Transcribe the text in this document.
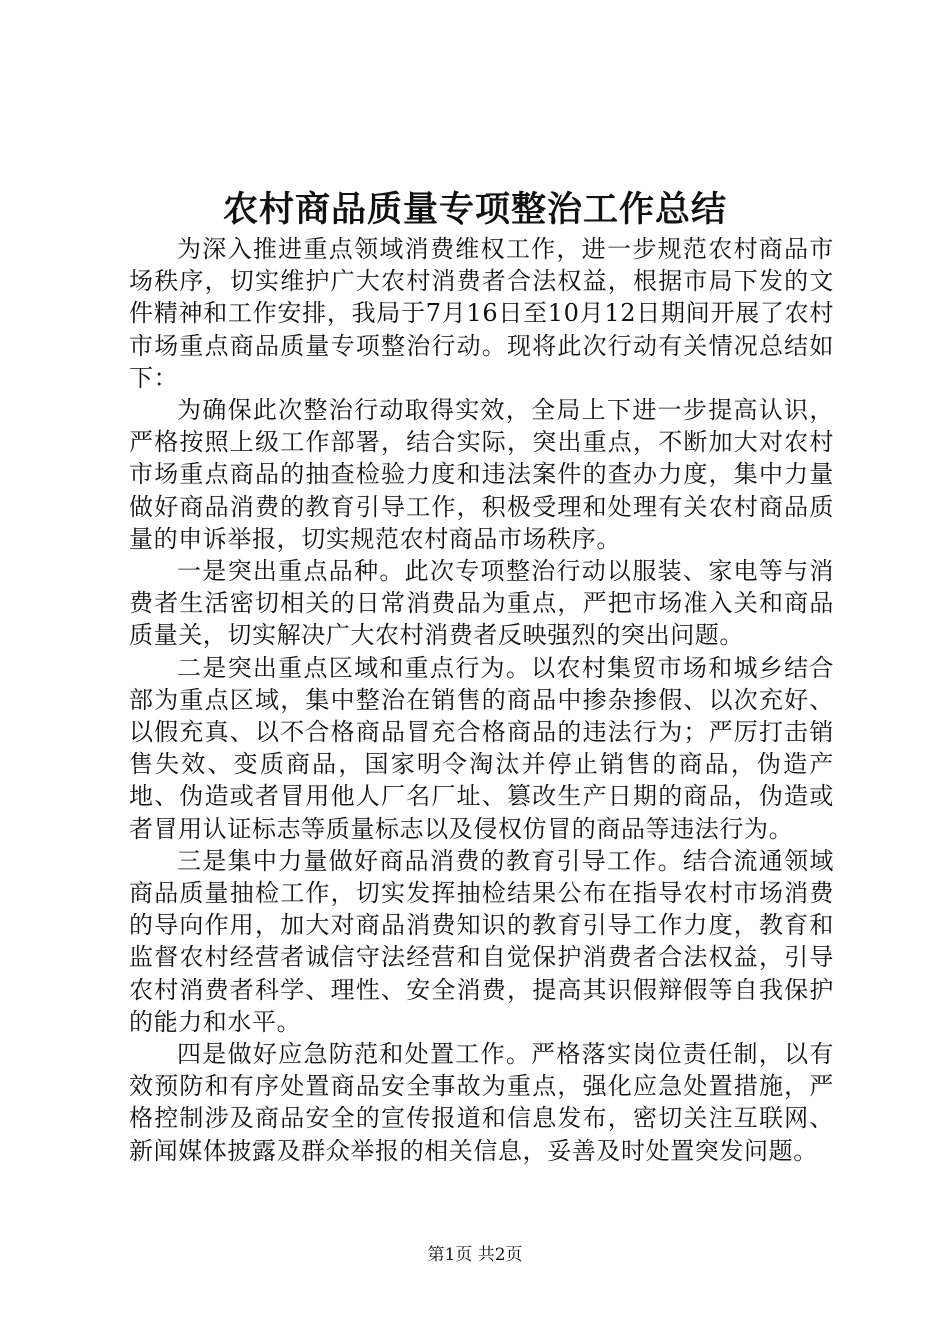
农村商品质量专项整治工作总结

为深入推进重点领域消费维权工作，进一步规范农村商品市场秩序，切实维护广大农村消费者合法权益，根据市局下发的文件精神和工作安排，我局于7月16日至10月12日期间开展了农村市场重点商品质量专项整治行动。现将此次行动有关情况总结如下：

为确保此次整治行动取得实效，全局上下进一步提高认识，严格按照上级工作部署，结合实际，突出重点，不断加大对农村市场重点商品的抽查检验力度和违法案件的查办力度，集中力量做好商品消费的教育引导工作，积极受理和处理有关农村商品质量的申诉举报，切实规范农村商品市场秩序。

一是突出重点品种。此次专项整治行动以服装、家电等与消费者生活密切相关的日常消费品为重点，严把市场准入关和商品质量关，切实解决广大农村消费者反映强烈的突出问题。

二是突出重点区域和重点行为。以农村集贸市场和城乡结合部为重点区域，集中整治在销售的商品中掺杂掺假、以次充好、以假充真、以不合格商品冒充合格商品的违法行为；严厉打击销售失效、变质商品，国家明令淘汰并停止销售的商品，伪造产地、伪造或者冒用他人厂名厂址、篡改生产日期的商品，伪造或者冒用认证标志等质量标志以及侵权仿冒的商品等违法行为。

三是集中力量做好商品消费的教育引导工作。结合流通领域商品质量抽检工作，切实发挥抽检结果公布在指导农村市场消费的导向作用，加大对商品消费知识的教育引导工作力度，教育和监督农村经营者诚信守法经营和自觉保护消费者合法权益，引导农村消费者科学、理性、安全消费，提高其识假辩假等自我保护的能力和水平。

四是做好应急防范和处置工作。严格落实岗位责任制，以有效预防和有序处置商品安全事故为重点，强化应急处置措施，严格控制涉及商品安全的宣传报道和信息发布，密切关注互联网、新闻媒体披露及群众举报的相关信息，妥善及时处置突发问题。

第1页 共2页
